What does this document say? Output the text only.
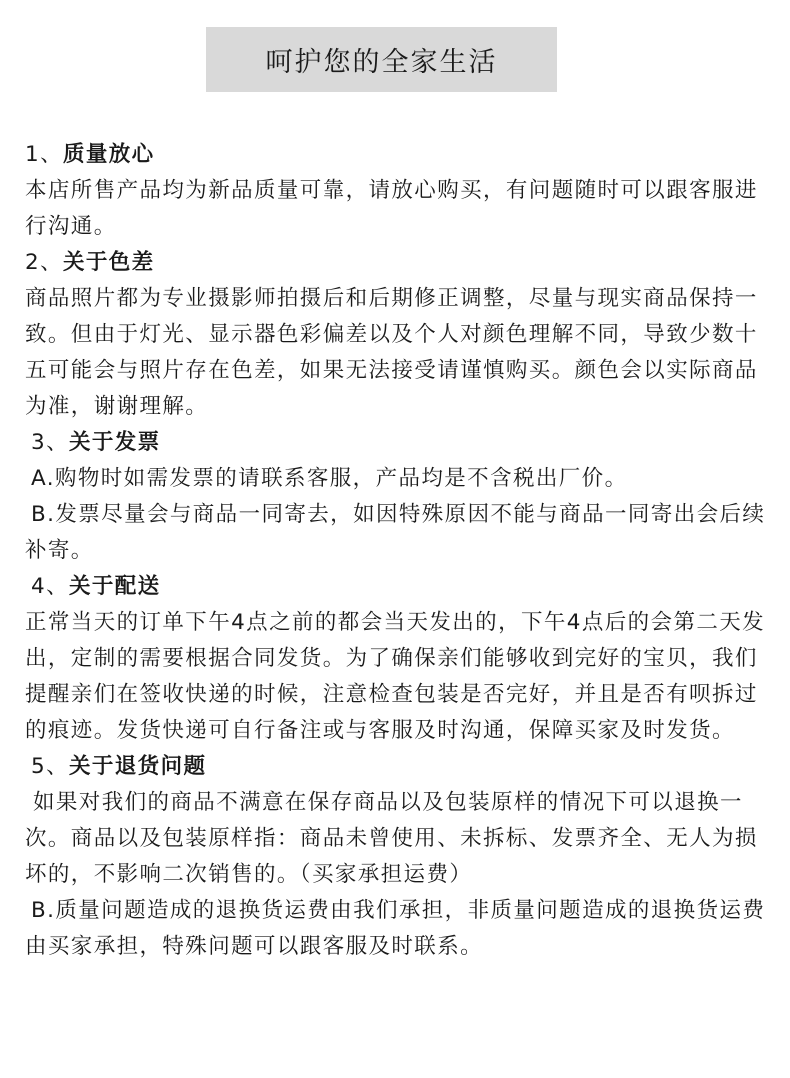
呵护您的全家生活

1、质量放心

本店所售产品均为新品质量可靠，请放心购买，有问题随时可以跟客服进行沟通。

2、关于色差

商品照片都为专业摄影师拍摄后和后期修正调整，尽量与现实商品保持一致。但由于灯光、显示器色彩偏差以及个人对颜色理解不同，导致少数十五可能会与照片存在色差，如果无法接受请谨慎购买。颜色会以实际商品为准，谢谢理解。

3、关于发票

A.购物时如需发票的请联系客服，产品均是不含税出厂价。

B.发票尽量会与商品一同寄去，如因特殊原因不能与商品一同寄出会后续补寄。

4、关于配送

正常当天的订单下午4点之前的都会当天发出的，下午4点后的会第二天发出，定制的需要根据合同发货。为了确保亲们能够收到完好的宝贝，我们提醒亲们在签收快递的时候，注意检查包装是否完好，并且是否有呗拆过的痕迹。发货快递可自行备注或与客服及时沟通，保障买家及时发货。

5、关于退货问题

如果对我们的商品不满意在保存商品以及包装原样的情况下可以退换一次。商品以及包装原样指：商品未曾使用、未拆标、发票齐全、无人为损坏的，不影响二次销售的。（买家承担运费）

B.质量问题造成的退换货运费由我们承担，非质量问题造成的退换货运费由买家承担，特殊问题可以跟客服及时联系。
